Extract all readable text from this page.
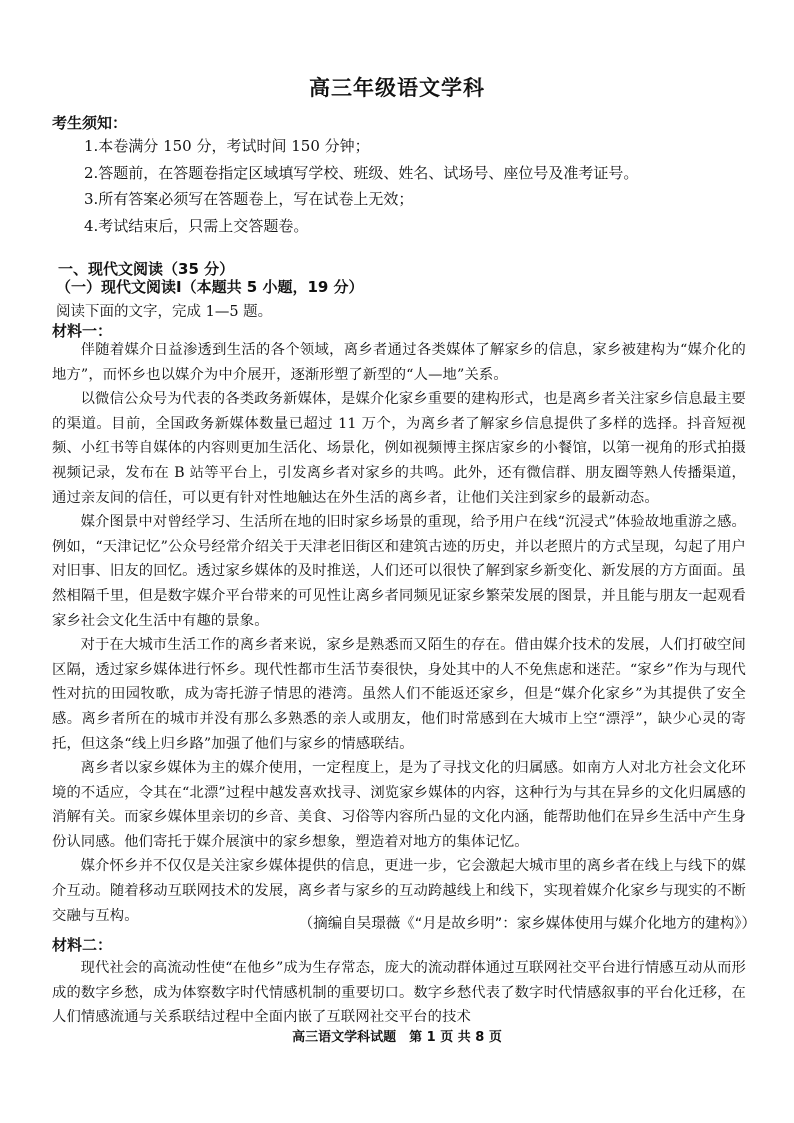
高三年级语文学科
考生须知：
1.本卷满分 150 分，考试时间 150 分钟；
2.答题前，在答题卷指定区域填写学校、班级、姓名、试场号、座位号及准考证号。
3.所有答案必须写在答题卷上，写在试卷上无效；
4.考试结束后，只需上交答题卷。
一、现代文阅读（35 分）
（一）现代文阅读Ⅰ（本题共 5 小题，19 分）
阅读下面的文字，完成 1—5 题。
材料一：

伴随着媒介日益渗透到生活的各个领域，离乡者通过各类媒体了解家乡的信息，家乡被建构为“媒介化的地方”，而怀乡也以媒介为中介展开，逐渐形塑了新型的“人—地”关系。

以微信公众号为代表的各类政务新媒体，是媒介化家乡重要的建构形式，也是离乡者关注家乡信息最主要的渠道。目前，全国政务新媒体数量已超过 11 万个，为离乡者了解家乡信息提供了多样的选择。抖音短视频、小红书等自媒体的内容则更加生活化、场景化，例如视频博主探店家乡的小餐馆，以第一视角的形式拍摄视频记录，发布在 B 站等平台上，引发离乡者对家乡的共鸣。此外，还有微信群、朋友圈等熟人传播渠道，通过亲友间的信任，可以更有针对性地触达在外生活的离乡者，让他们关注到家乡的最新动态。

媒介图景中对曾经学习、生活所在地的旧时家乡场景的重现，给予用户在线“沉浸式”体验故地重游之感。例如，“天津记忆”公众号经常介绍关于天津老旧街区和建筑古迹的历史，并以老照片的方式呈现，勾起了用户对旧事、旧友的回忆。透过家乡媒体的及时推送，人们还可以很快了解到家乡新变化、新发展的方方面面。虽然相隔千里，但是数字媒介平台带来的可见性让离乡者同频见证家乡繁荣发展的图景，并且能与朋友一起观看家乡社会文化生活中有趣的景象。

对于在大城市生活工作的离乡者来说，家乡是熟悉而又陌生的存在。借由媒介技术的发展，人们打破空间区隔，透过家乡媒体进行怀乡。现代性都市生活节奏很快，身处其中的人不免焦虑和迷茫。“家乡”作为与现代性对抗的田园牧歌，成为寄托游子情思的港湾。虽然人们不能返还家乡，但是“媒介化家乡”为其提供了安全感。离乡者所在的城市并没有那么多熟悉的亲人或朋友，他们时常感到在大城市上空“漂浮”，缺少心灵的寄托，但这条“线上归乡路”加强了他们与家乡的情感联结。

离乡者以家乡媒体为主的媒介使用，一定程度上，是为了寻找文化的归属感。如南方人对北方社会文化环境的不适应，令其在“北漂”过程中越发喜欢找寻、浏览家乡媒体的内容，这种行为与其在异乡的文化归属感的消解有关。而家乡媒体里亲切的乡音、美食、习俗等内容所凸显的文化内涵，能帮助他们在异乡生活中产生身份认同感。他们寄托于媒介展演中的家乡想象，塑造着对地方的集体记忆。

媒介怀乡并不仅仅是关注家乡媒体提供的信息，更进一步，它会激起大城市里的离乡者在线上与线下的媒介互动。随着移动互联网技术的发展，离乡者与家乡的互动跨越线上和线下，实现着媒介化家乡与现实的不断交融与互构。

（摘编自吴璟薇《“月是故乡明”：家乡媒体使用与媒介化地方的建构》）
材料二：

现代社会的高流动性使“在他乡”成为生存常态，庞大的流动群体通过互联网社交平台进行情感互动从而形成的数字乡愁，成为体察数字时代情感机制的重要切口。数字乡愁代表了数字时代情感叙事的平台化迁移，在人们情感流通与关系联结过程中全面内嵌了互联网社交平台的技术

高三语文学科试题　第 1 页 共 8 页
